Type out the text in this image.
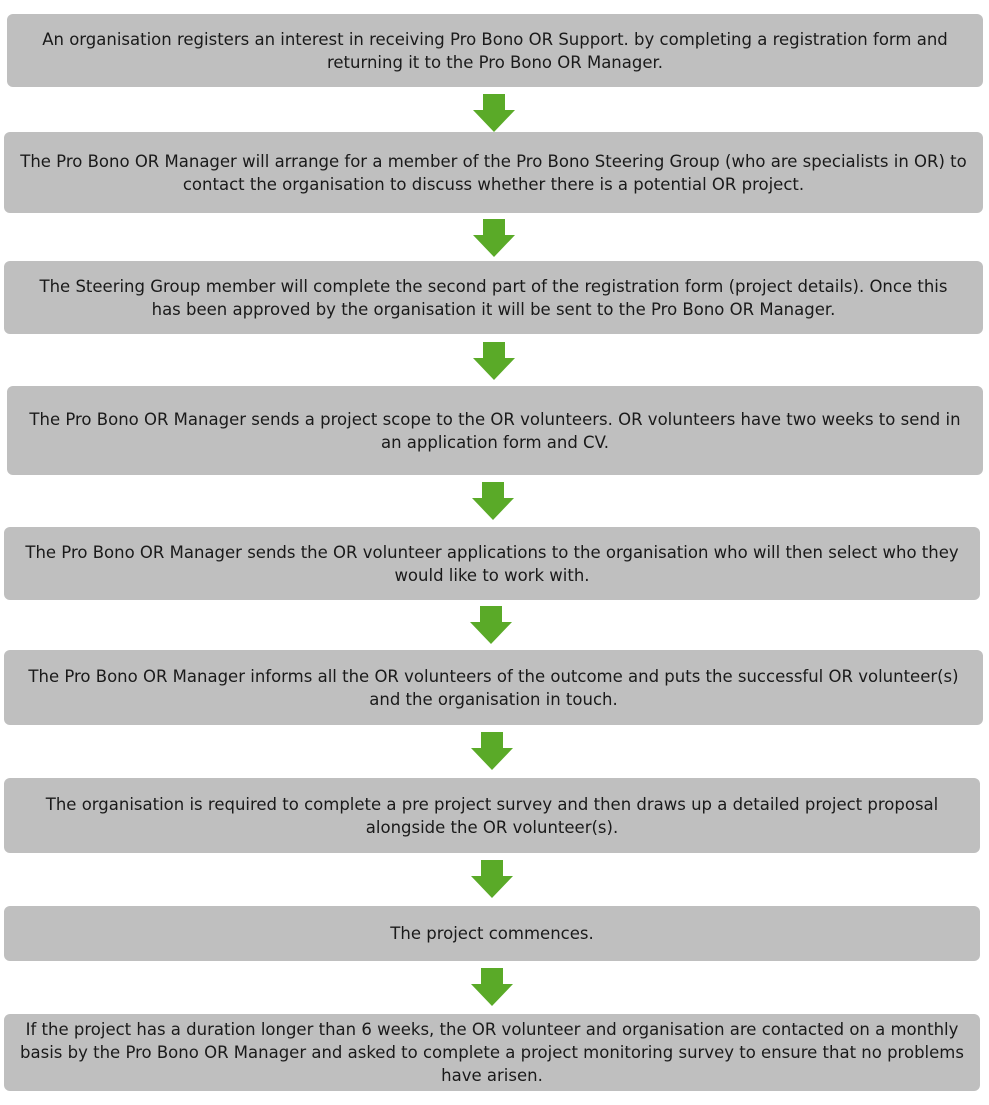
An organisation registers an interest in receiving Pro Bono OR Support. by completing a registration form and returning it to the Pro Bono OR Manager.
The Pro Bono OR Manager will arrange for a member of the Pro Bono Steering Group (who are specialists in OR) to contact the organisation to discuss whether there is a potential OR project.
The Steering Group member will complete the second part of the registration form (project details). Once this has been approved by the organisation it will be sent to the Pro Bono OR Manager.
The Pro Bono OR Manager sends a project scope to the OR volunteers. OR volunteers have two weeks to send in an application form and CV.
The Pro Bono OR Manager sends the OR volunteer applications to the organisation who will then select who they would like to work with.
The Pro Bono OR Manager informs all the OR volunteers of the outcome and puts the successful OR volunteer(s) and the organisation in touch.
The organisation is required to complete a pre project survey and then draws up a detailed project proposal alongside the OR volunteer(s).
The project commences.
If the project has a duration longer than 6 weeks, the OR volunteer and organisation are contacted on a monthly basis by the Pro Bono OR Manager and asked to complete a project monitoring survey to ensure that no problems have arisen.
